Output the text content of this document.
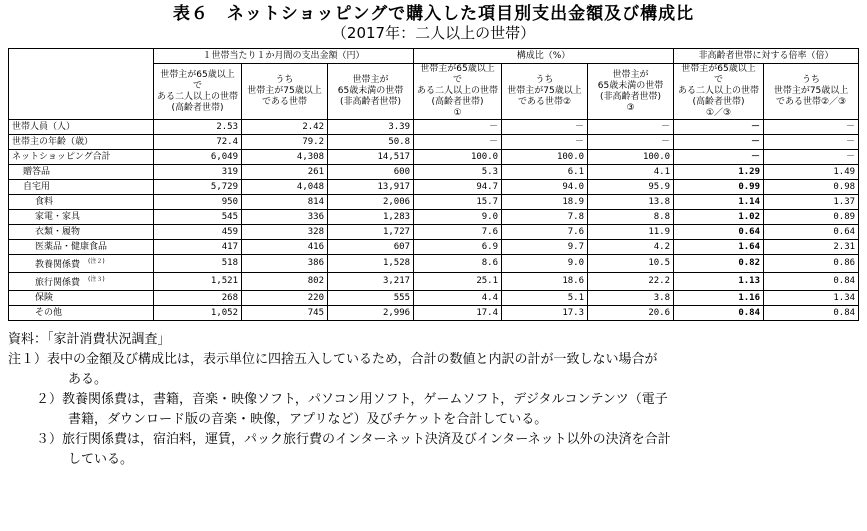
表６　ネットショッピングで購入した項目別支出金額及び構成比
（2017年：二人以上の世帯）
	１世帯当たり１か月間の支出金額（円）			構成比（%）			非高齢者世帯に対する倍率（倍）	
	世帯主が65歳以上で
ある二人以上の世帯
(高齢者世帯)	うち
世帯主が75歳以上
である世帯	世帯主が
65歳未満の世帯
(非高齢者世帯)	世帯主が65歳以上で
ある二人以上の世帯
(高齢者世帯)
①	うち
世帯主が75歳以上
である世帯②	世帯主が
65歳未満の世帯
(非高齢者世帯)
③	世帯主が65歳以上で
ある二人以上の世帯
(高齢者世帯)
①／③	うち
世帯主が75歳以上
である世帯②／③
世帯人員（人）	2.53	2.42	3.39	－	－	－	－	－
世帯主の年齢（歳）	72.4	79.2	50.8	－	－	－	－	－
ネットショッピング合計	6,049	4,308	14,517	100.0	100.0	100.0	－	－
贈答品	319	261	600	5.3	6.1	4.1	1.29	1.49
自宅用	5,729	4,048	13,917	94.7	94.0	95.9	0.99	0.98
食料	950	814	2,006	15.7	18.9	13.8	1.14	1.37
家電・家具	545	336	1,283	9.0	7.8	8.8	1.02	0.89
衣類・履物	459	328	1,727	7.6	7.6	11.9	0.64	0.64
医薬品・健康食品	417	416	607	6.9	9.7	4.2	1.64	2.31
教養関係費 $^{(注2)}$	518	386	1,528	8.6	9.0	10.5	0.82	0.86
旅行関係費 $^{(注3)}$	1,521	802	3,217	25.1	18.6	22.2	1.13	0.84
保険	268	220	555	4.4	5.1	3.8	1.16	1.34
その他	1,052	745	2,996	17.4	17.3	20.6	0.84	0.84
資料：「家計消費状況調査」
注１）表中の金額及び構成比は，表示単位に四捨五入しているため，合計の数値と内訳の計が一致しない場合が
ある。
２）教養関係費は，書籍，音楽・映像ソフト，パソコン用ソフト，ゲームソフト，デジタルコンテンツ（電子
書籍，ダウンロード版の音楽・映像，アプリなど）及びチケットを合計している。
３）旅行関係費は，宿泊料，運賃，パック旅行費のインターネット決済及びインターネット以外の決済を合計
している。
